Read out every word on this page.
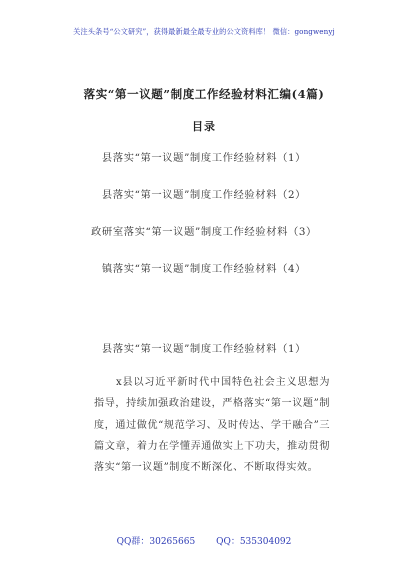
关注头条号“公文研究”，获得最新最全最专业的公文资料库！ 微信：gongwenyj
落实“第一议题”制度工作经验材料汇编(4篇)
目录
县落实“第一议题”制度工作经验材料（1）
县落实“第一议题”制度工作经验材料（2）
政研室落实“第一议题”制度工作经验材料（3）
镇落实“第一议题”制度工作经验材料（4）
县落实“第一议题”制度工作经验材料（1）

x县以习近平新时代中国特色社会主义思想为指导，持续加强政治建设，严格落实“第一议题”制度，通过做优“规范学习、及时传达、学干融合”三篇文章，着力在学懂弄通做实上下功夫，推动贯彻落实“第一议题”制度不断深化、不断取得实效。

QQ群：30265665 QQ：535304092
